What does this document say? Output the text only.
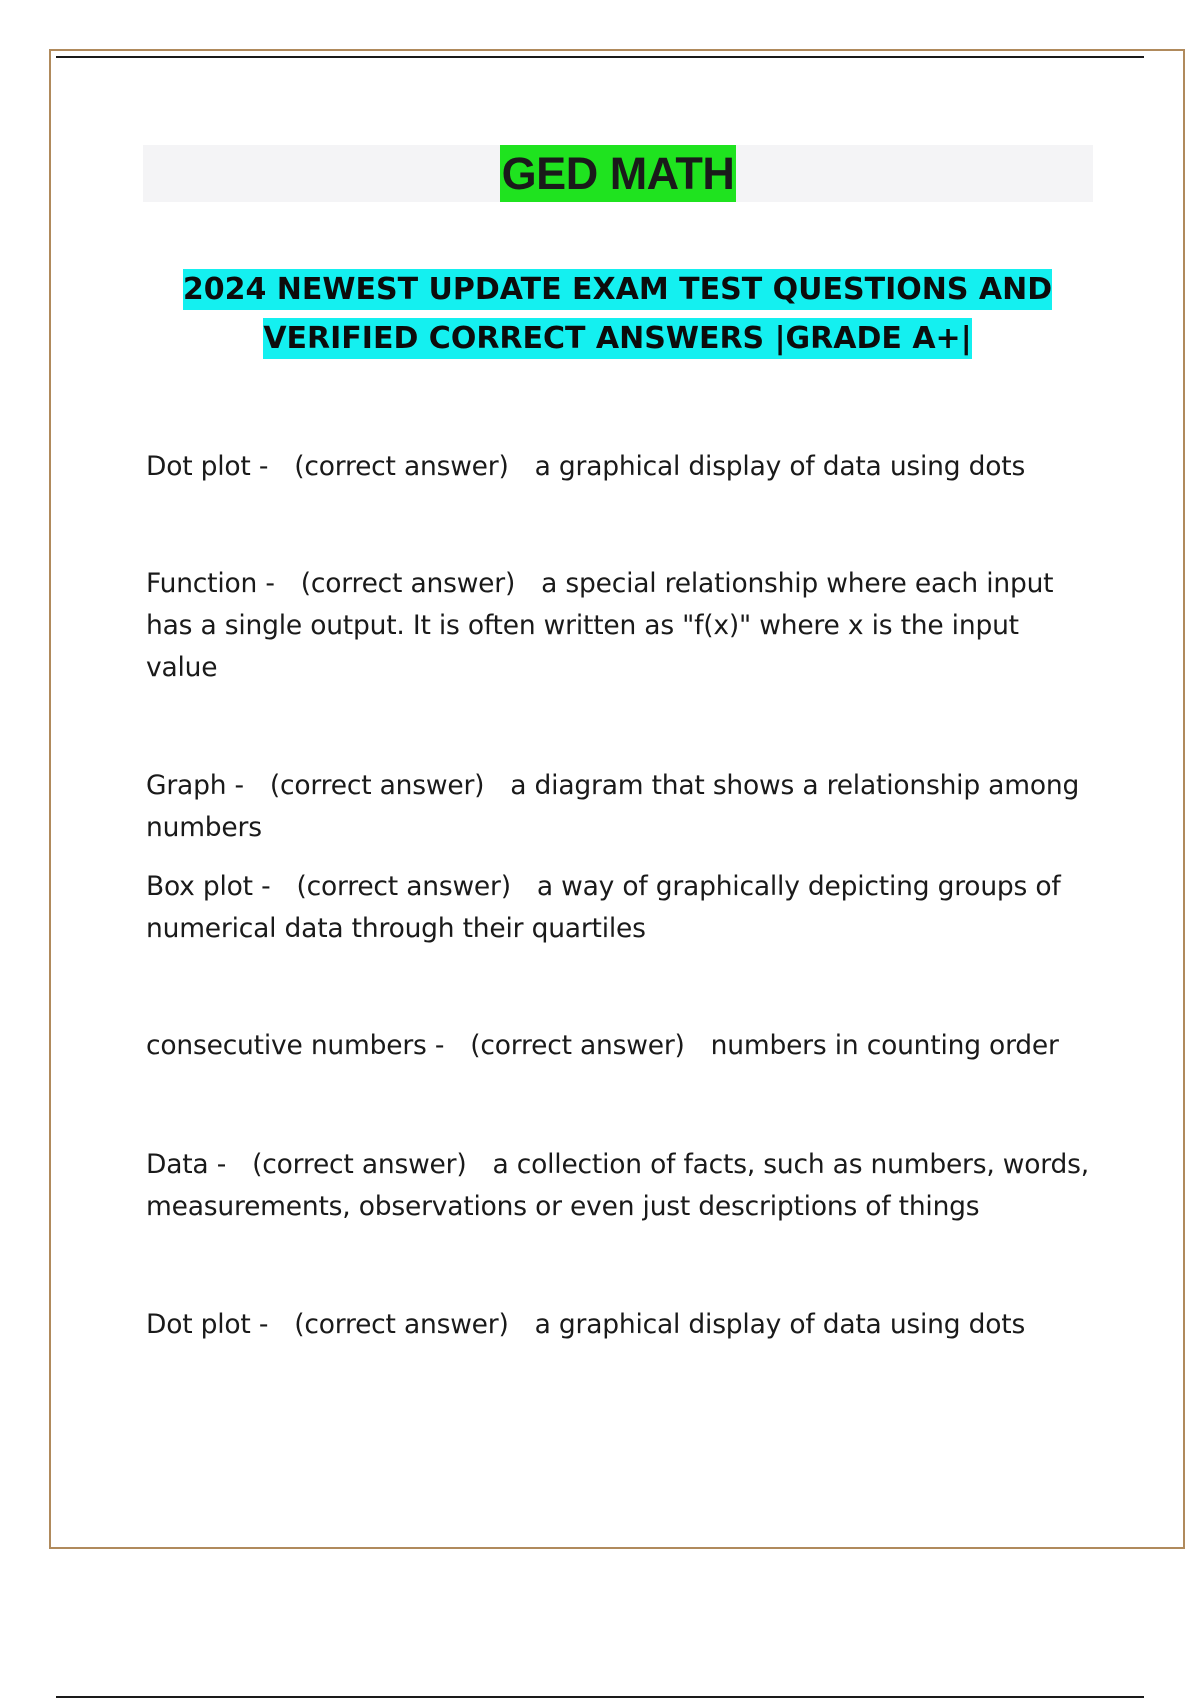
GED MATH
2024 NEWEST UPDATE EXAM TEST QUESTIONS AND
VERIFIED CORRECT ANSWERS |GRADE A+|
Dot plot - (correct answer) a graphical display of data using dots
Function - (correct answer) a special relationship where each input has a single output. It is often written as "f(x)" where x is the input value
Graph - (correct answer) a diagram that shows a relationship among numbers
Box plot - (correct answer) a way of graphically depicting groups of numerical data through their quartiles
consecutive numbers - (correct answer) numbers in counting order
Data - (correct answer) a collection of facts, such as numbers, words, measurements, observations or even just descriptions of things
Dot plot - (correct answer) a graphical display of data using dots
